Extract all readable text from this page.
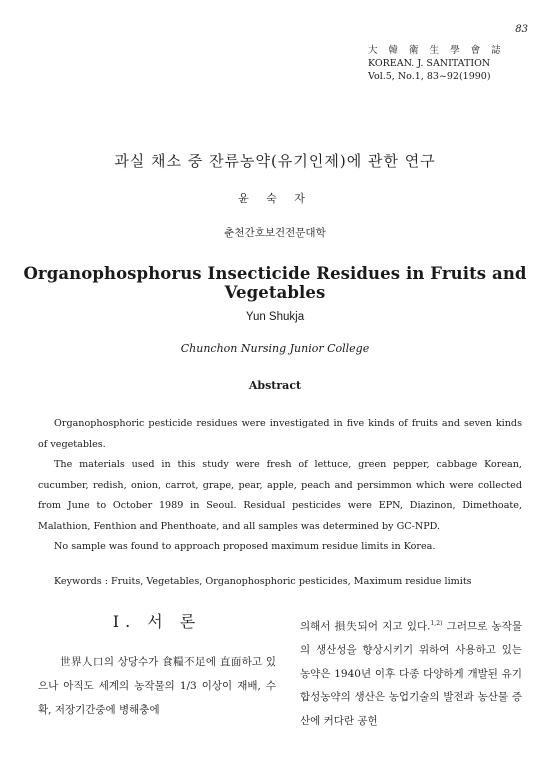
83
大 韓 衛 生 學 會 誌
KOREAN. J. SANITATION
Vol.5, No.1, 83~92(1990)
과실 채소 중 잔류농약(유기인제)에 관한 연구
윤 숙 자
춘천간호보건전문대학
Organophosphorus Insecticide Residues in Fruits and Vegetables
Yun Shukja
Chunchon Nursing Junior College
Abstract

Organophosphoric pesticide residues were investigated in five kinds of fruits and seven kinds of vegetables.

The materials used in this study were fresh of lettuce, green pepper, cabbage Korean, cucumber, redish, onion, carrot, grape, pear, apple, peach and persimmon which were collected from June to October 1989 in Seoul. Residual pesticides were EPN, Diazinon, Dimethoate, Malathion, Fenthion and Phenthoate, and all samples was determined by GC-NPD.

No sample was found to approach proposed maximum residue limits in Korea.

Keywords : Fruits, Vegetables, Organophosphoric pesticides, Maximum residue limits
Ⅰ. 서 론

世界人口의 상당수가 食糧不足에 直面하고 있으나 아직도 세계의 농작물의 1/3 이상이 재배, 수확, 저장기간중에 병해충에

의해서 損失되어 지고 있다.$^{1,2)}$ 그러므로 농작물의 생산성을 향상시키기 위하여 사용하고 있는 농약은 1940년 이후 다종 다양하게 개발된 유기합성농약의 생산은 농업기술의 발전과 농산물 증산에 커다란 공헌
